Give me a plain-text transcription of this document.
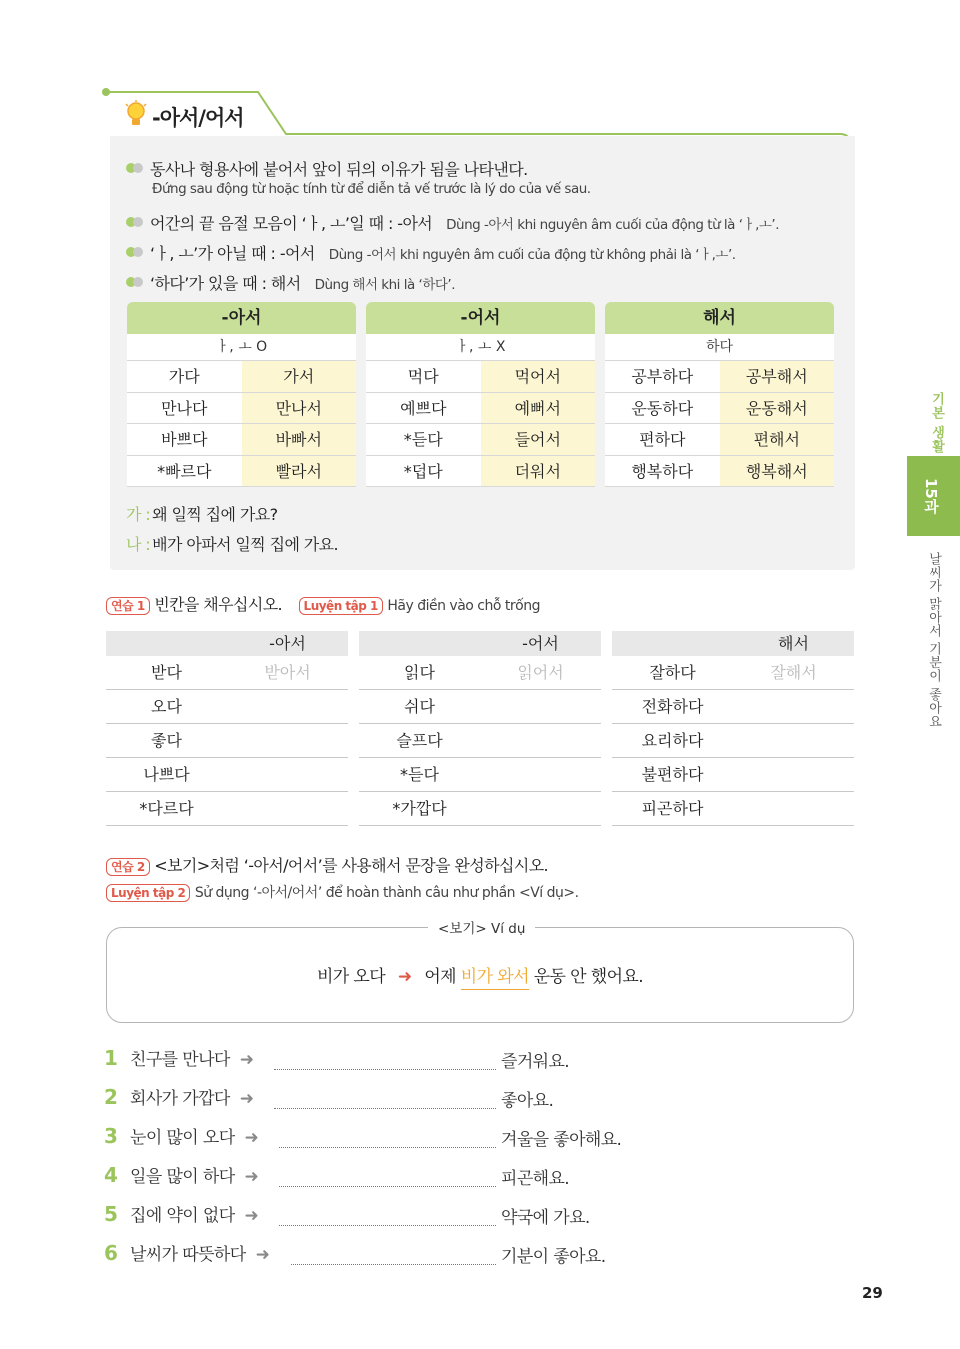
-아서/어서
동사나 형용사에 붙어서 앞이 뒤의 이유가 됨을 나타낸다.
Đứng sau động từ hoặc tính từ để diễn tả vế trước là lý do của vế sau.
어간의 끝 음절 모음이 ‘ㅏ, ㅗ’일 때 : -아서 Dùng -아서 khi nguyên âm cuối của động từ là ‘ㅏ,ㅗ’.
‘ㅏ, ㅗ’가 아닐 때 : -어서 Dùng -어서 khi nguyên âm cuối của động từ không phải là ‘ㅏ,ㅗ’.
‘하다’가 있을 때 : 해서 Dùng 해서 khi là ‘하다’.
-아서
ㅏ, ㅗ O
가다	가서
만나다	만나서
바쁘다	바빠서
*빠르다	빨라서
-어서
ㅏ, ㅗ X
먹다	먹어서
예쁘다	예뻐서
*듣다	들어서
*덥다	더워서
해서
하다
공부하다	공부해서
운동하다	운동해서
편하다	편해서
행복하다	행복해서
가 : 왜 일찍 집에 가요?
나 : 배가 아파서 일찍 집에 가요.
연습 1 빈칸을 채우십시오. Luyện tập 1 Hãy điền vào chỗ trống
-아서
받다	받아서
오다
좋다
나쁘다
*다르다
-어서
읽다	읽어서
쉬다
슬프다
*듣다
*가깝다
해서
잘하다	잘해서
전화하다
요리하다
불편하다
피곤하다
연습 2 <보기>처럼 ‘-아서/어서’를 사용해서 문장을 완성하십시오.
Luyện tập 2 Sử dụng ‘-아서/어서’ để hoàn thành câu như phần <Ví dụ>.
<보기> Ví dụ
비가 오다 ➜ 어제 비가 와서 운동 안 했어요.
1 친구를 만나다 ➜	즐거워요.
2 회사가 가깝다 ➜	좋아요.
3 눈이 많이 오다 ➜	겨울을 좋아해요.
4 일을 많이 하다 ➜	피곤해요.
5 집에 약이 없다 ➜	약국에 가요.
6 날씨가 따뜻하다 ➜	기분이 좋아요.
기본 생활
15과
날씨가 맑아서 기분이 좋아요
29
